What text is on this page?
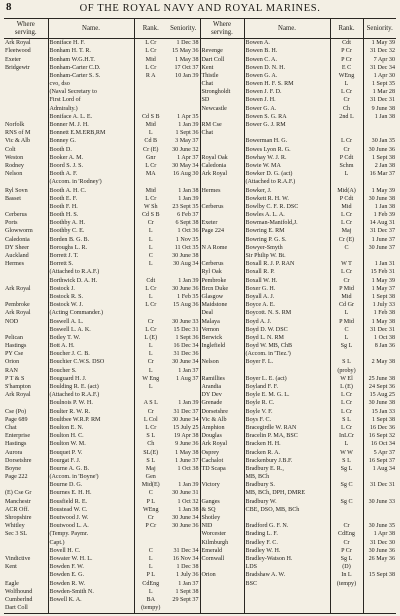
8	OF THE ROYAL NAVY AND ROYAL MARINES.
Where serving.	Name.	Rank.	Seniority.	Where serving.	Name.	Rank.	Seniority.
Ark Royal	Boniface H. F.	L Cr	1 Dec 38		Bowen A.	Cdt	1 May 39
Fleetwood	Bonham H. T. R.	L Cr	15 May 36	Revenge	Bowen B. H.	P Cr	31 Dec 32
Exeter	Bonham W.G.H.T.	Mid	1 May 38	Dart Coll	Bowen C. A.	P Cr	7 Apr 30
Bridgewtr	Bonham-Carter C.D.	L Cr	17 Oct 37	Kent	Bowen D. N. H.	E C	31 Dec 34
	Bonham-Carter S. S.	R A	10 Jan 39	Thistle	Bowen G. A.	WEng	1 Apr 30
	cvo, dso			Chat	Bowen H. F. S. RM	L	1 Sept 35
	(Naval Secretary to			Strongholdt	Bowen J. F. D.	L Cr	1 Mar 28
	First Lord of			SD	Bowen J. H.	Cr	31 Dec 31
	Admiralty.)			Newcastle	Bower G. A.	Ch	9 June 38
	Boniface A. L. E.	Cd S B	1 Apr 35		Bowen S. G. RA	2nd L	1 Jan 38
Norfolk	Bonner M. J. H.	Mid	1 Jan 39	RM Cse	Bower G. J. RM		
RNS of M	Bonnett E.M.ERB,RM	L	1 Sept 36	Chat			
Vic & Alb	Bonney G.	Cd B	3 May 37		Bowerman H. G.	L Cr	30 Jan 35
Colt	Booth D.	Cr (E)	30 June 32		Bowes Lyon R. G.	Cr	30 June 36
Weston	Booker A. M.	Gnr	1 Apr 37	Royal Oak	Bowhay W. J. R.	P Cdt	1 Sept 38
Rodney	Boord S. J. S.	L Cr	30 May 34	Caledonia	Bowie W. MA	Schm	2 Jan 38
Nelson	Booth A. F.	MA	16 Aug 30	Ark Royal	Bowker D. G. (act)	L	16 Mar 37
	(Accom. in 'Rodney')				(Attached to R.A.F.)		
Ryl Sovn	Booth A. H. C.	Mid	1 Jan 38	Hermes	Bowker, J.	Mid(A)	1 May 39
Basset	Booth E. F.	L Cr	1 Jan 39		Bowkett R. H. W.	P Cdt	30 June 38
	Booth F. H.	W Sh	23 Sept 35	Cerberus	Bowlby C. F. R. DSC	Mid	1 Jan 38
Cerberus	Booth H. S.	Cd S B	6 Feb 37		Bowles A. L. A.	L Cr	1 Feb 39
Ports	Boothby A. H.	Cr	6 Sept 38	Exeter	Bowman-Manifold,J.	L Cr	14 Aug 31
Glowworm	Boothby C. E.	L	1 Oct 36	Page 224	Bowring E. RM	Maj	31 Dec 37
Caledonia	Borden B. G. B.	L	1 Nov 35		Bowring P. G. S.	Cr (E)	1 June 37
DY Sheer	Boroughs L. R.	L	11 Oct 35	N A Rome	Bowyer-Smyth	C	30 June 37
Auckland	Borrett J. T.	C	30 June 38		Sir Philip W. Bt.		
Hermes	Borrett S.	L	30 Aug 34	Cerberus	Boxall R. J. P. RAN	W T	1 Jan 31
	(Attached to R.A.F.)			Ryl Oak	Boxall R. P.	L Cr	15 Feb 31
	Borthwick D. A. H.	Cdt	1 Jan 39	Pembroke	Boxall W. H.	Cr	1 May 39
Ark Royal	Bostock J.	L Cr	30 June 36	Brcn Duke	Boxer G. H.	P Mid	1 May 37
	Bostock R. S.	L	1 Feb 35	Glasgow	Boyall A. J.	Mid	1 Sept 38
Pembroke	Bostock W. J.	L Cr	15 Aug 36	Maidstone	Boyce A. E.	Cd Gr	1 July 33
Ark Royal	(Acting Commander.)			Deal	Boycott. N. S. RM	L	1 Feb 38
NOD	Boswell A. L.	Cr	30 June 33	Malaya	Boyd A. J.	P Mid	1 May 38
	Boswell L. A. K.	L Cr	15 Dec 31	Vernon	Boyd D. W. DSC	C	31 Dec 31
Pelican	Botley T. W.	L (E)	1 Sept 36	Berwick	Boyd L. N. RM	L	1 Oct 38
Hastings	Bott A. H.	L	16 Dec 34	Inglefield	Boyd W. MB, ChB	Sg L	8 Jan 36
PY Cse	Boucher J. C. B.	L	31 Dec 36		(Accom. in 'Tiez.')		
Orion	Bouchier C.W.S. DSO	Cr	30 June 34	Nelson	Boyer F. L.	S L	2 May 38
RAN	Boucher S.	L	1 Jan 37			(proby)	
P T & S	Bouguard H. J.	W Eng	1 Aug 37	Ramillies	Boyer L. E. (act)	W El	25 June 38
S'hampton	Boulding R. E. (act)	L		Arandia	Boyland F. F.	L (E)	24 Sept 36
Ark Royal	(Attached to R.A.F.)			DY Dev	Boyle E. M. G. L.	L Cr	15 Aug 25
	Boulnois P. W. H.	A S L	1 Jan 39	Grenade	Boyle R. C.	L Cr	30 June 38
Cse (Po)	Boulter R. W. R.	Cr	31 Dec 37	Dorsetshre	Boyle V. F.	L Cr	15 Jan 33
Page 689	Boultbee W.R.P. RM	L Col	30 June 34	Vic & Alb	Boys F. C.	S L	1 Sept 38
Chat	Boulton E. N.	L Cr	15 July 25	Amphion	Bracegirdle W. RAN	L Cr	16 Dec 36
Enterprise	Boulton H. C.	S L	19 Apr 38	Douglas	Bracelin P. MA, BSC	InLCr	16 Sept 32
Hastings	Boulton W. M.	Ch	9 June 36	Ark Royal	Bracken H. H.	L	16 Oct 34
Aurora	Bouquet P. V.	SL(E)	1 May 38	Osprey	Bracken R. A.	W W	5 Apr 37
Dorsetshre	Bourgat F. J.	S L	1 June 37	Cachalot	Brackenbury J.B.F.	S L	16 Sept 37
Boyne	Bourne A. G. B.	Maj	1 Oct 38	TD Scapa	Bradbury E. R.,	Sg L	1 Aug 34
Page 222	(Accom. in 'Boyne')	Gen			MB, BCh		
	Bourne D. G.	Mid(E)	1 Jan 39	Victory	Bradbury S.	Sg C	31 Dec 31
(E) Cse Gr	Bournes E. H. H.	C	30 June 31		MB, BCh, DPH, DMRE		
Manchestr	Bousfield R. E.	P L	1 Oct 32	Ganges	Bradbury W.	Sg C	30 June 33
ACR Off.	Boustead W. C.	WEng	1 Jan 38	& SQ	CBE, DSO, MB, BCh		
Shropshire	Boutwood J. W.	Cr	30 June 34	Shotley			
Whitley	Boutwood L. A.	P Cr	30 June 36	NID	Bradford G. F. N.	Cr	30 June 35
Sec 3 SL	(Tempy. Paymr.			Worcester	Brading L. F.	CdEng	1 Apr 38
	Capt.)			Kilmburgh	Bradley F. C.	Cr	31 Dec 30
	Bovell H. C.	C	31 Dec 34	Emerald	Bradley W. H.	P Cr	30 June 36
Vindictive	Bowater W. H. L.	L	16 Nov 34	Cornwall	Bradley-Watson H.	Sg L	26 May 36
Kent	Bowden F. W.	L	1 Dec 38		LDS	(D)	
	Bowden E. G.	P L	1 July 36	Orion	Bradshaw A. W.	In L	15 Sept 38
Eagle	Bowden R. W.	CdEng	1 Jan 37		BSC	(tempy)	
Wolfhound	Bowden-Smith N.	L	1 Sept 38				
Cumberlnd	Bowell K. A.	BA	29 Sept 37				
Dart Coll		(tempy)					
